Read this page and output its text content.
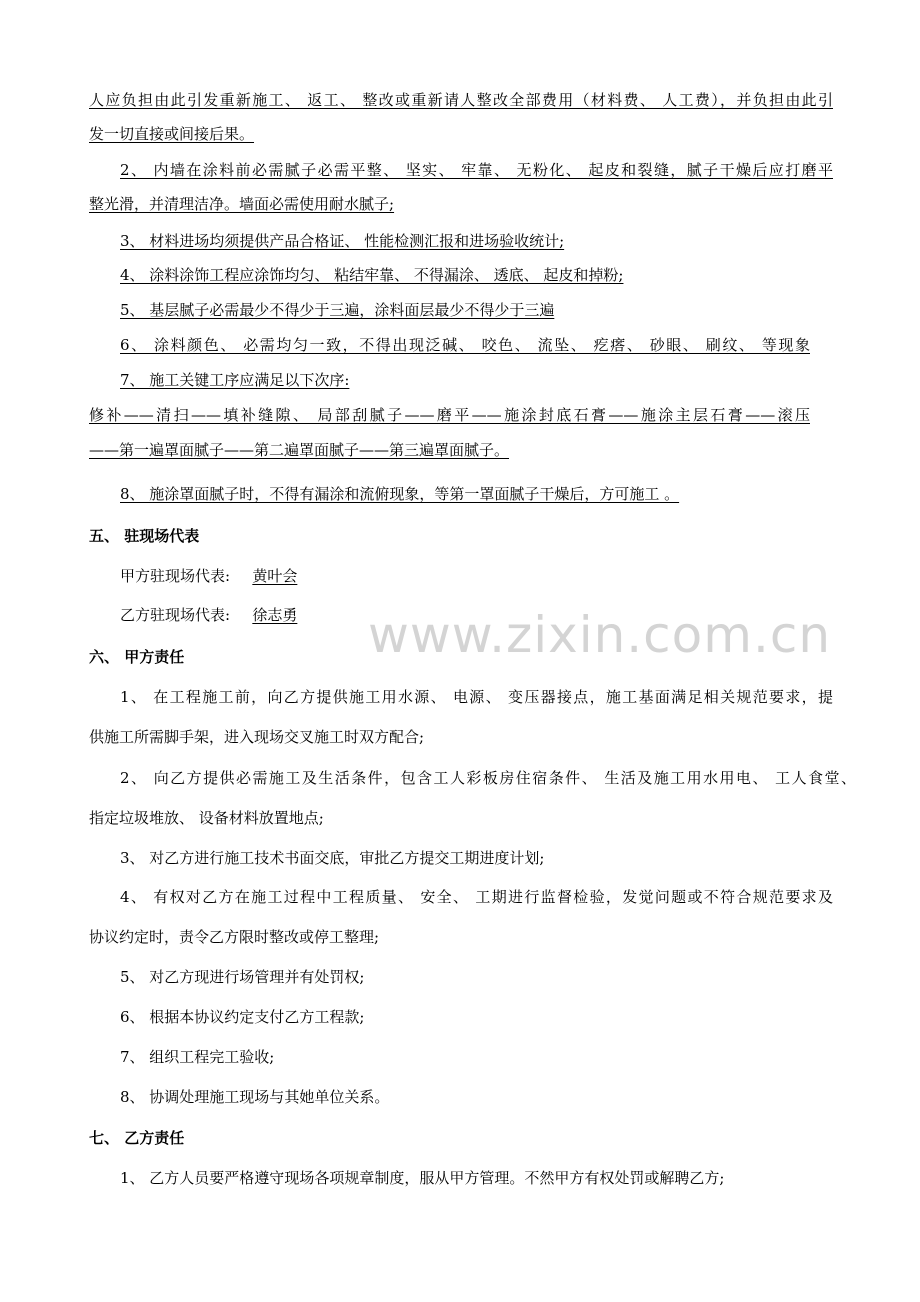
人应负担由此引发重新施工、 返工、 整改或重新请人整改全部费用（材料费、 人工费），并负担由此引
发一切直接或间接后果。
2、 内墙在涂料前必需腻子必需平整、 坚实、 牢靠、 无粉化、 起皮和裂缝，腻子干燥后应打磨平
整光滑，并清理洁净。墙面必需使用耐水腻子;
3、 材料进场均须提供产品合格证、 性能检测汇报和进场验收统计;
4、 涂料涂饰工程应涂饰均匀、 粘结牢靠、 不得漏涂、 透底、 起皮和掉粉;
5、 基层腻子必需最少不得少于三遍，涂料面层最少不得少于三遍
6、 涂料颜色、 必需均匀一致，不得出现泛碱、 咬色、 流坠、 疙瘩、 砂眼、 刷纹、 等现象
7、 施工关键工序应满足以下次序:
修补——清扫——填补缝隙、 局部刮腻子——磨平——施涂封底石膏——施涂主层石膏——滚压
——第一遍罩面腻子——第二遍罩面腻子——第三遍罩面腻子。
8、 施涂罩面腻子时，不得有漏涂和流俯现象，等第一罩面腻子干燥后，方可施工 。
五、 驻现场代表
甲方驻现场代表: 黄叶会
乙方驻现场代表: 徐志勇
六、 甲方责任
1、 在工程施工前，向乙方提供施工用水源、 电源、 变压器接点，施工基面满足相关规范要求，提
供施工所需脚手架，进入现场交叉施工时双方配合;
2、 向乙方提供必需施工及生活条件，包含工人彩板房住宿条件、 生活及施工用水用电、 工人食堂、
指定垃圾堆放、 设备材料放置地点;
3、 对乙方进行施工技术书面交底，审批乙方提交工期进度计划;
4、 有权对乙方在施工过程中工程质量、 安全、 工期进行监督检验，发觉问题或不符合规范要求及
协议约定时，责令乙方限时整改或停工整理;
5、 对乙方现进行场管理并有处罚权;
6、 根据本协议约定支付乙方工程款;
7、 组织工程完工验收;
8、 协调处理施工现场与其她单位关系。
七、 乙方责任
1、 乙方人员要严格遵守现场各项规章制度，服从甲方管理。不然甲方有权处罚或解聘乙方;
www.zixin.com.cn
